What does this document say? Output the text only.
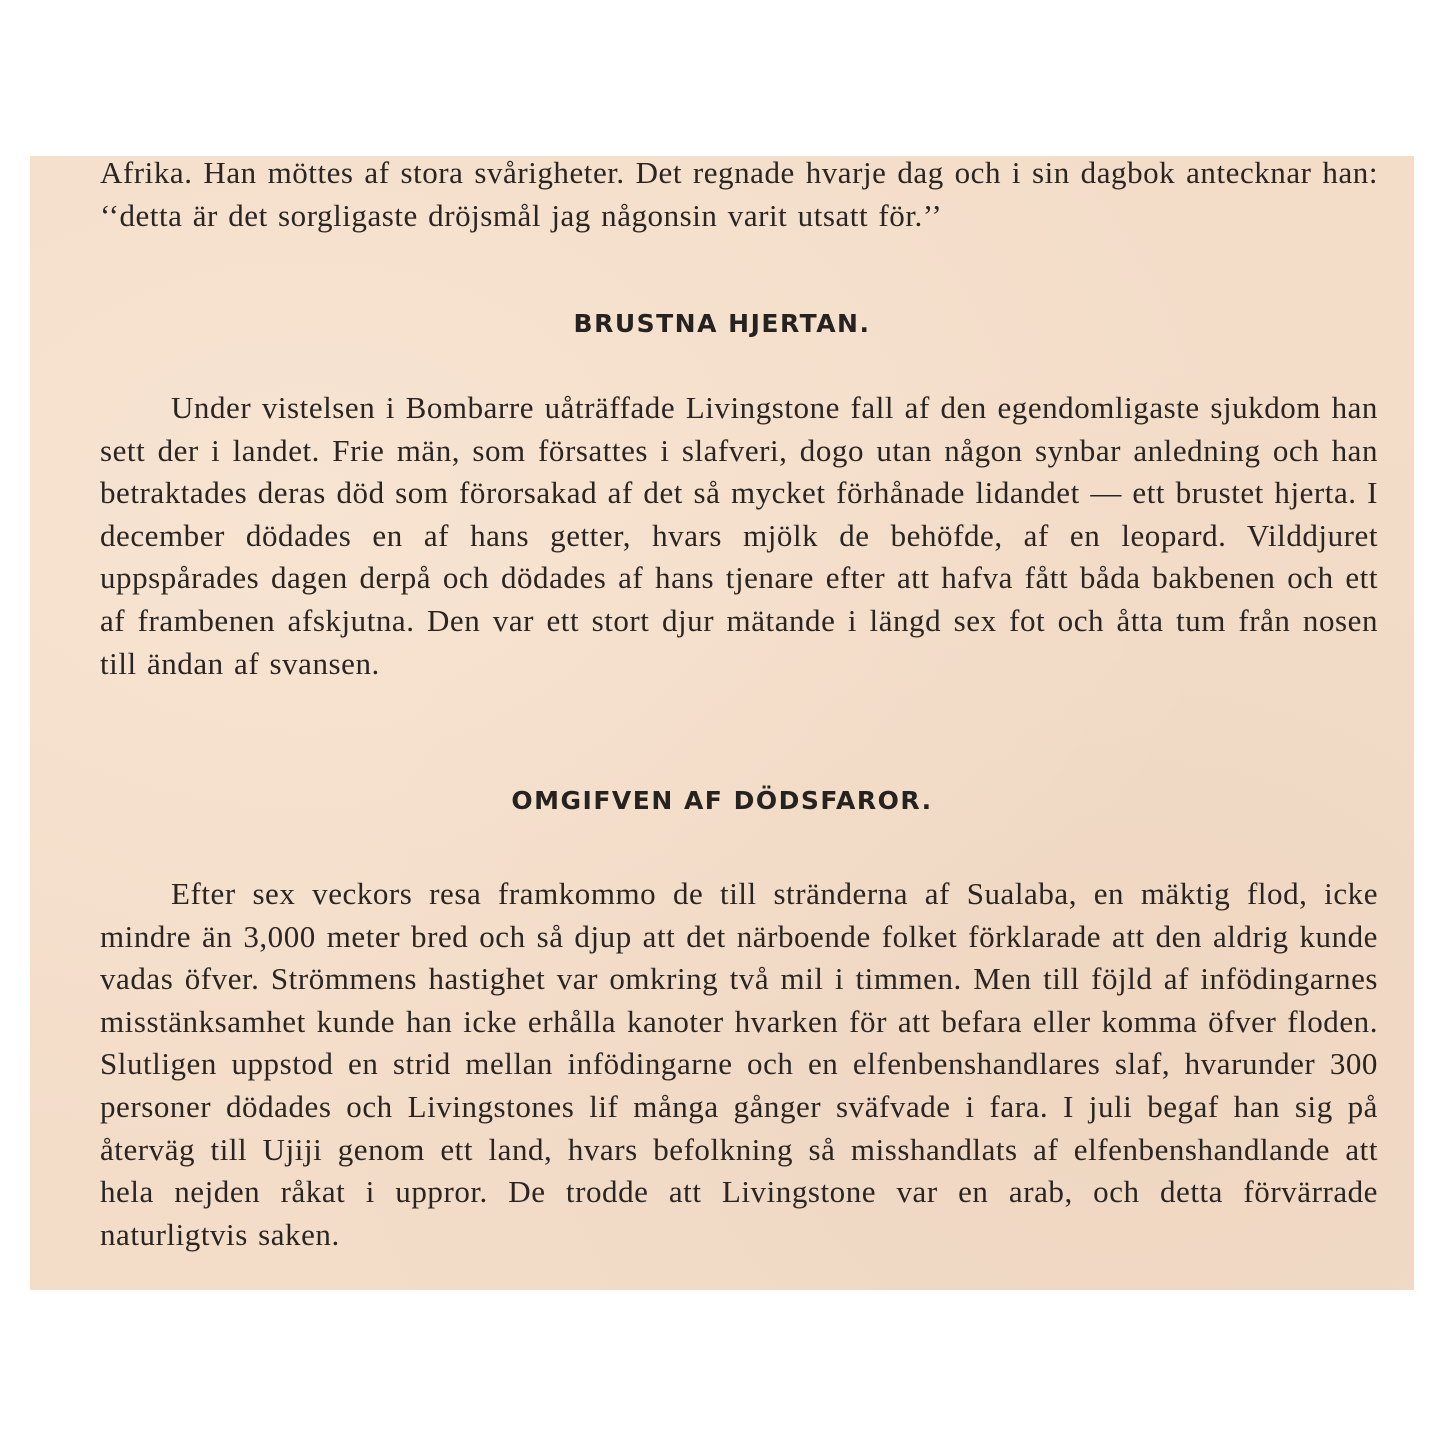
Afrika. Han möttes af stora svårigheter. Det regnade hvarje dag och i sin dagbok antecknar han: ‘‘detta är det sorgligaste dröjsmål jag någonsin varit utsatt för.’’

BRUSTNA HJERTAN.

Under vistelsen i Bombarre uåträffade Livingstone fall af den egendomligaste sjukdom han sett der i landet. Frie män, som försattes i slafveri, dogo utan någon synbar anledning och han betraktades deras död som förorsakad af det så mycket förhånade lidandet — ett brustet hjerta. I december dödades en af hans getter, hvars mjölk de behöfde, af en leopard. Vilddjuret uppspårades dagen derpå och dödades af hans tjenare efter att hafva fått båda bakbenen och ett af frambenen afskjutna. Den var ett stort djur mätande i längd sex fot och åtta tum från nosen till ändan af svansen.

OMGIFVEN AF DÖDSFAROR.

Efter sex veckors resa framkommo de till stränderna af Sualaba, en mäktig flod, icke mindre än 3,000 meter bred och så djup att det närboende folket förklarade att den aldrig kunde vadas öfver. Strömmens hastighet var omkring två mil i timmen. Men till föjld af infödingarnes misstänksamhet kunde han icke erhålla kanoter hvarken för att befara eller komma öfver floden. Slutligen uppstod en strid mellan infödingarne och en elfenbenshandlares slaf, hvarunder 300 personer dödades och Livingstones lif många gånger sväfvade i fara. I juli begaf han sig på återväg till Ujiji genom ett land, hvars befolkning så misshandlats af elfenbenshandlande att hela nejden råkat i uppror. De trodde att Livingstone var en arab, och detta förvärrade naturligtvis saken.
